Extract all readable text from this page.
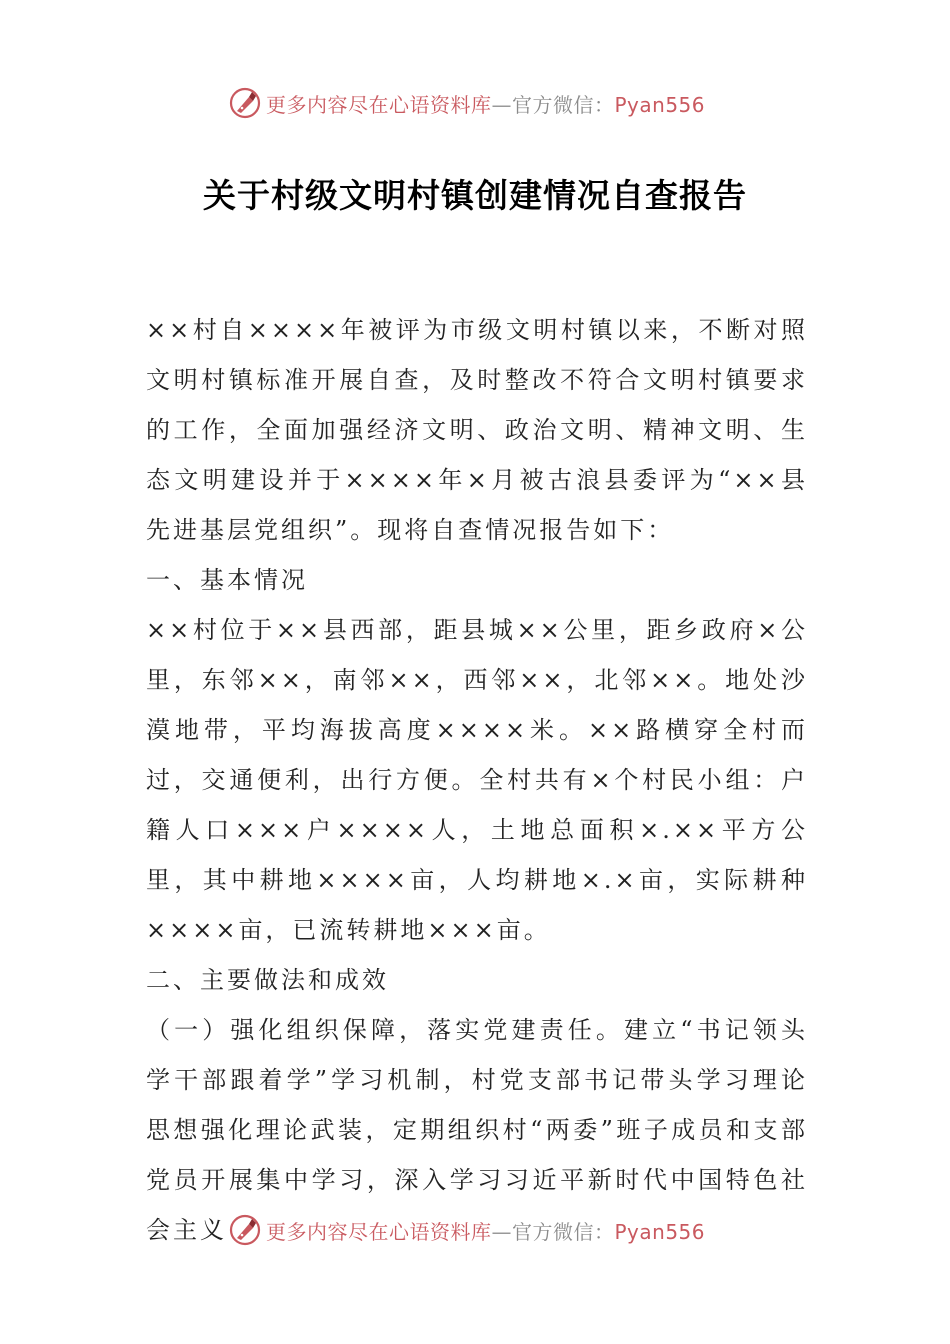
更多内容尽在心语资料库—官方微信：Pyan556
关于村级文明村镇创建情况自查报告

××村自××××年被评为市级文明村镇以来，不断对照文明村镇标准开展自查，及时整改不符合文明村镇要求的工作，全面加强经济文明、政治文明、精神文明、生态文明建设并于××××年×月被古浪县委评为“××县先进基层党组织”。现将自查情况报告如下：

一、基本情况

××村位于××县西部，距县城××公里，距乡政府×公里，东邻××，南邻××，西邻××，北邻××。地处沙漠地带，平均海拔高度××××米。××路横穿全村而过，交通便利，出行方便。全村共有×个村民小组：户籍人口×××户××××人，土地总面积×.××平方公里，其中耕地××××亩，人均耕地×.×亩，实际耕种××××亩，已流转耕地×××亩。

二、主要做法和成效

（一）强化组织保障，落实党建责任。建立“书记领头学干部跟着学”学习机制，村党支部书记带头学习理论思想强化理论武装，定期组织村“两委”班子成员和支部党员开展集中学习，深入学习习近平新时代中国特色社会主义	更多内容尽在心语资料库—官方微信：Pyan556
